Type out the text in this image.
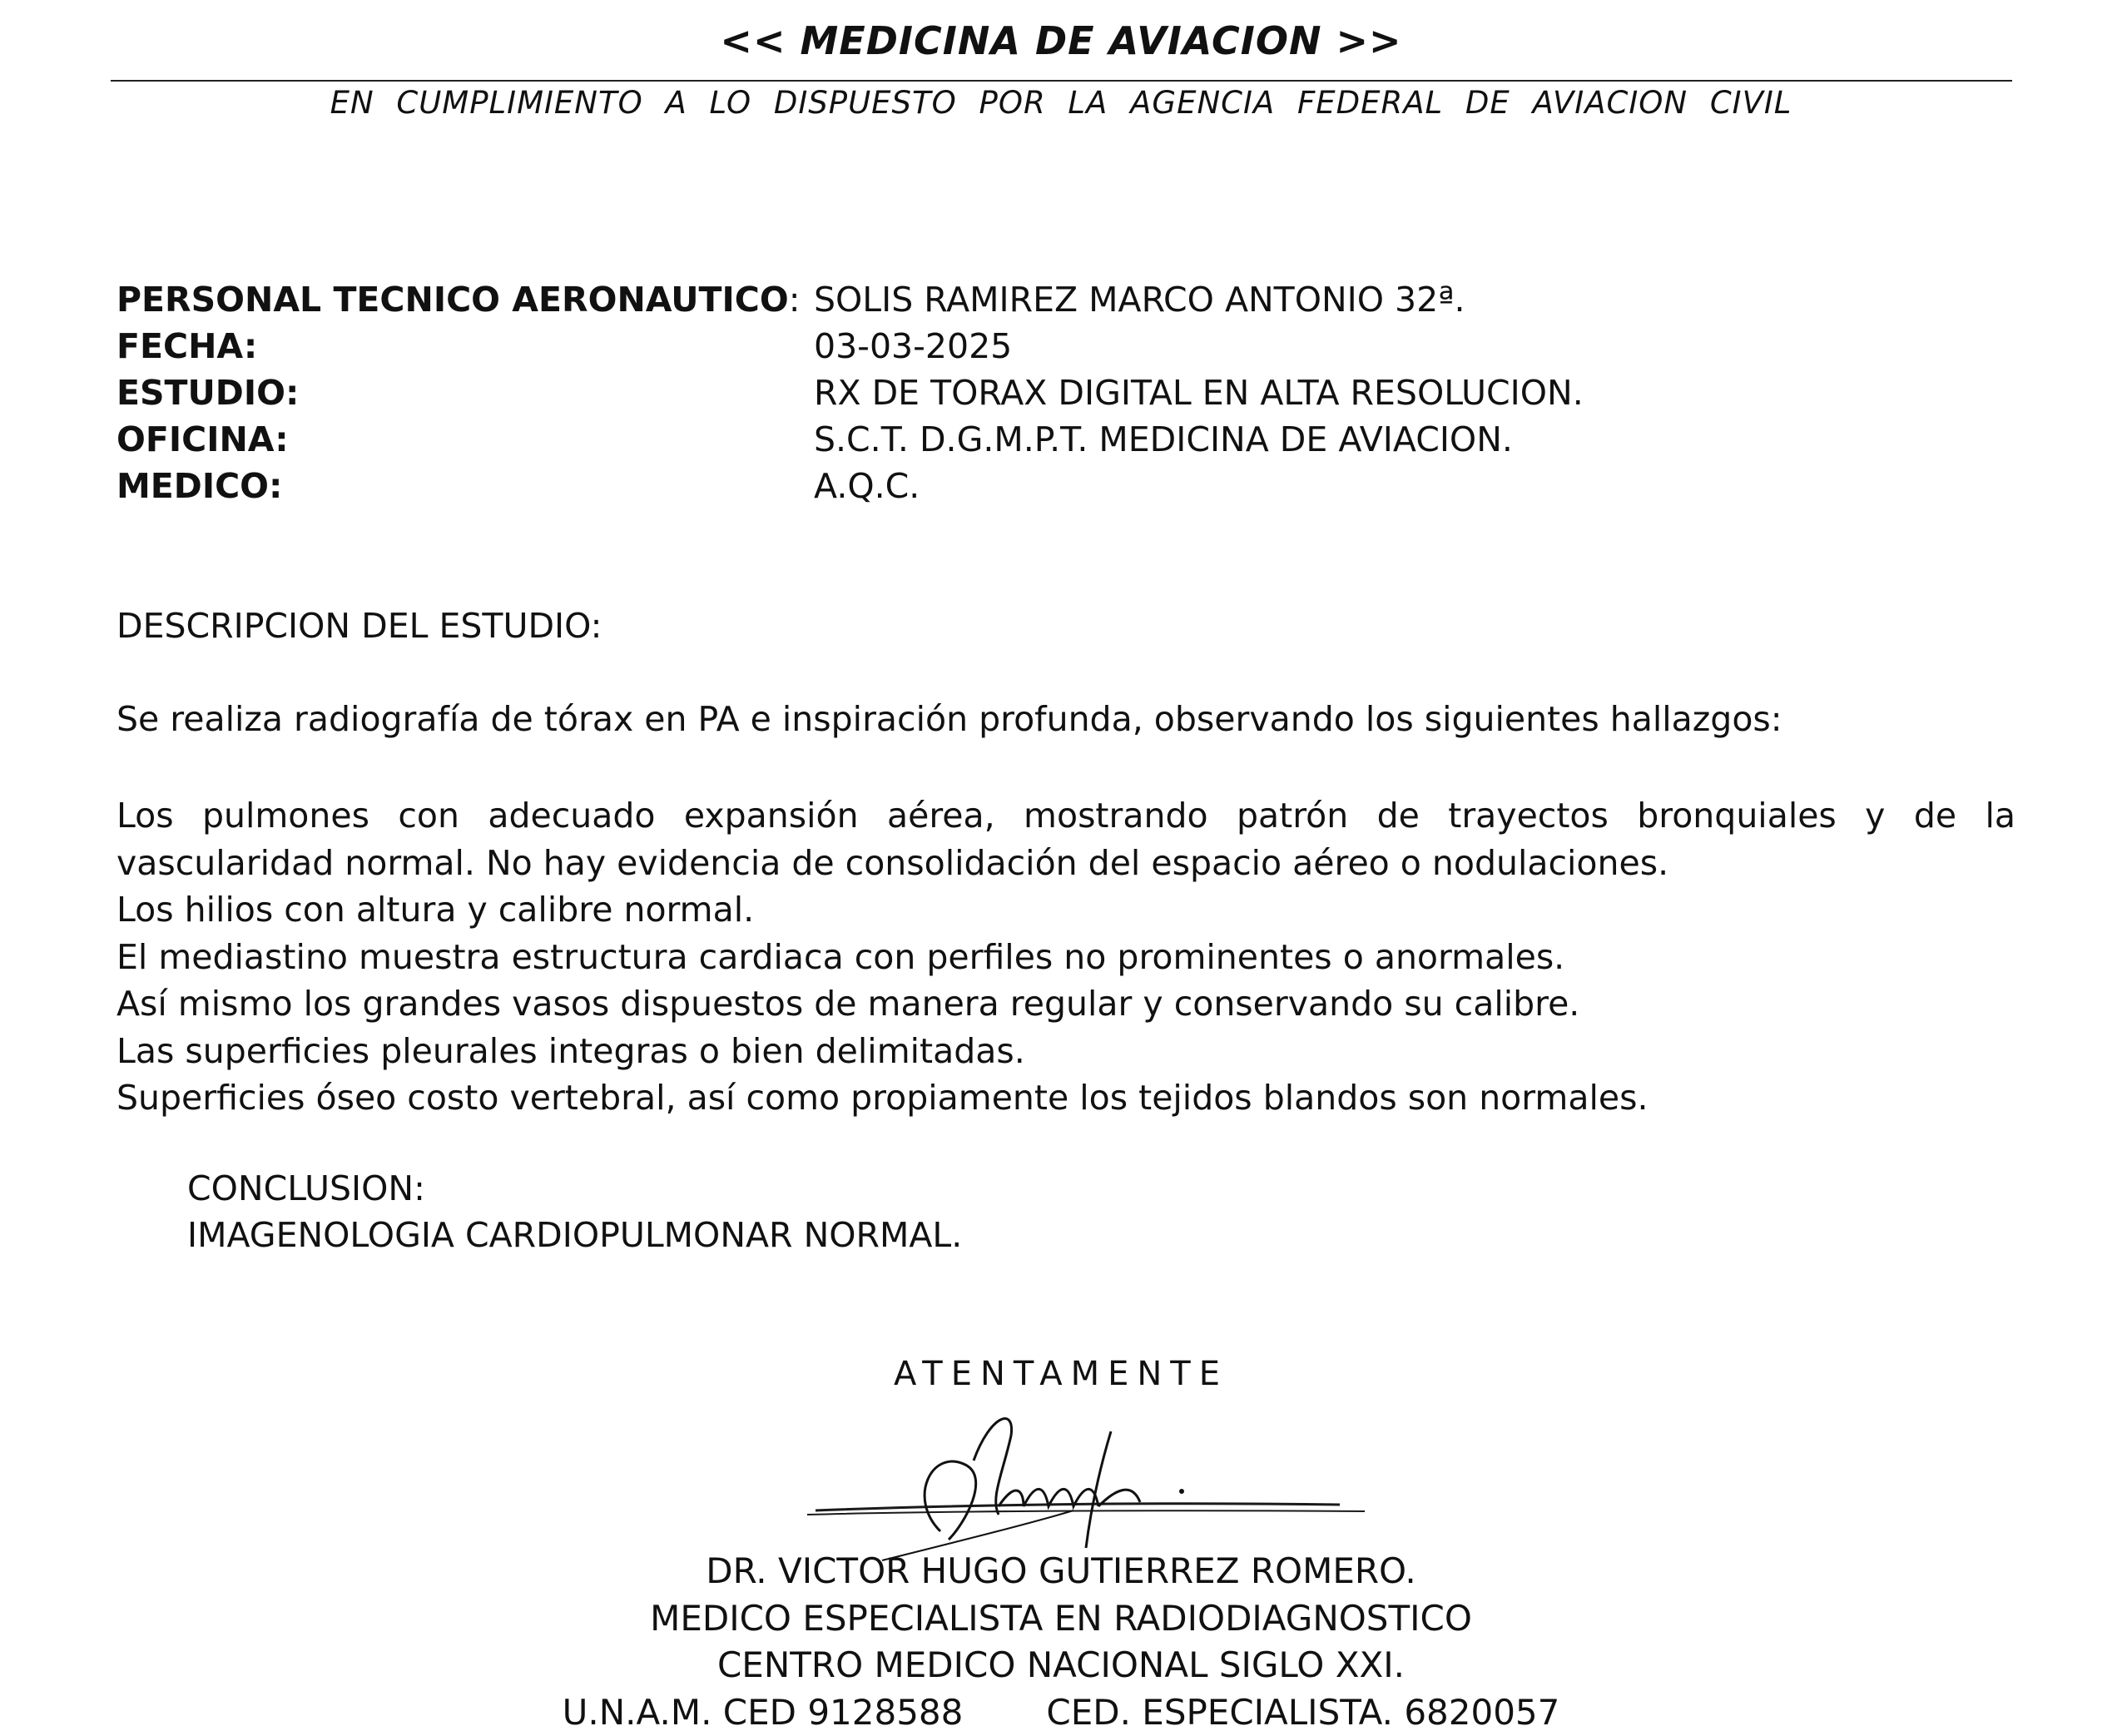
<< MEDICINA DE AVIACION >>
EN CUMPLIMIENTO A LO DISPUESTO POR LA AGENCIA FEDERAL DE AVIACION CIVIL
PERSONAL TECNICO AERONAUTICO: SOLIS RAMIREZ MARCO ANTONIO 32ª.
FECHA:	03-03-2025
ESTUDIO:	RX DE TORAX DIGITAL EN ALTA RESOLUCION.
OFICINA:	S.C.T. D.G.M.P.T. MEDICINA DE AVIACION.
MEDICO:	A.Q.C.
DESCRIPCION DEL ESTUDIO:
Se realiza radiografía de tórax en PA e inspiración profunda, observando los siguientes hallazgos:

Los pulmones con adecuado expansión aérea, mostrando patrón de trayectos bronquiales y de la

vascularidad normal. No hay evidencia de consolidación del espacio aéreo o nodulaciones.

Los hilios con altura y calibre normal.

El mediastino muestra estructura cardiaca con perfiles no prominentes o anormales.

Así mismo los grandes vasos dispuestos de manera regular y conservando su calibre.

Las superficies pleurales integras o bien delimitadas.

Superficies óseo costo vertebral, así como propiamente los tejidos blandos son normales.

CONCLUSION:
IMAGENOLOGIA CARDIOPULMONAR NORMAL.
ATENTAMENTE
DR. VICTOR HUGO GUTIERREZ ROMERO.
MEDICO ESPECIALISTA EN RADIODIAGNOSTICO
CENTRO MEDICO NACIONAL SIGLO XXI.
U.N.A.M. CED 9128588 CED. ESPECIALISTA. 6820057
